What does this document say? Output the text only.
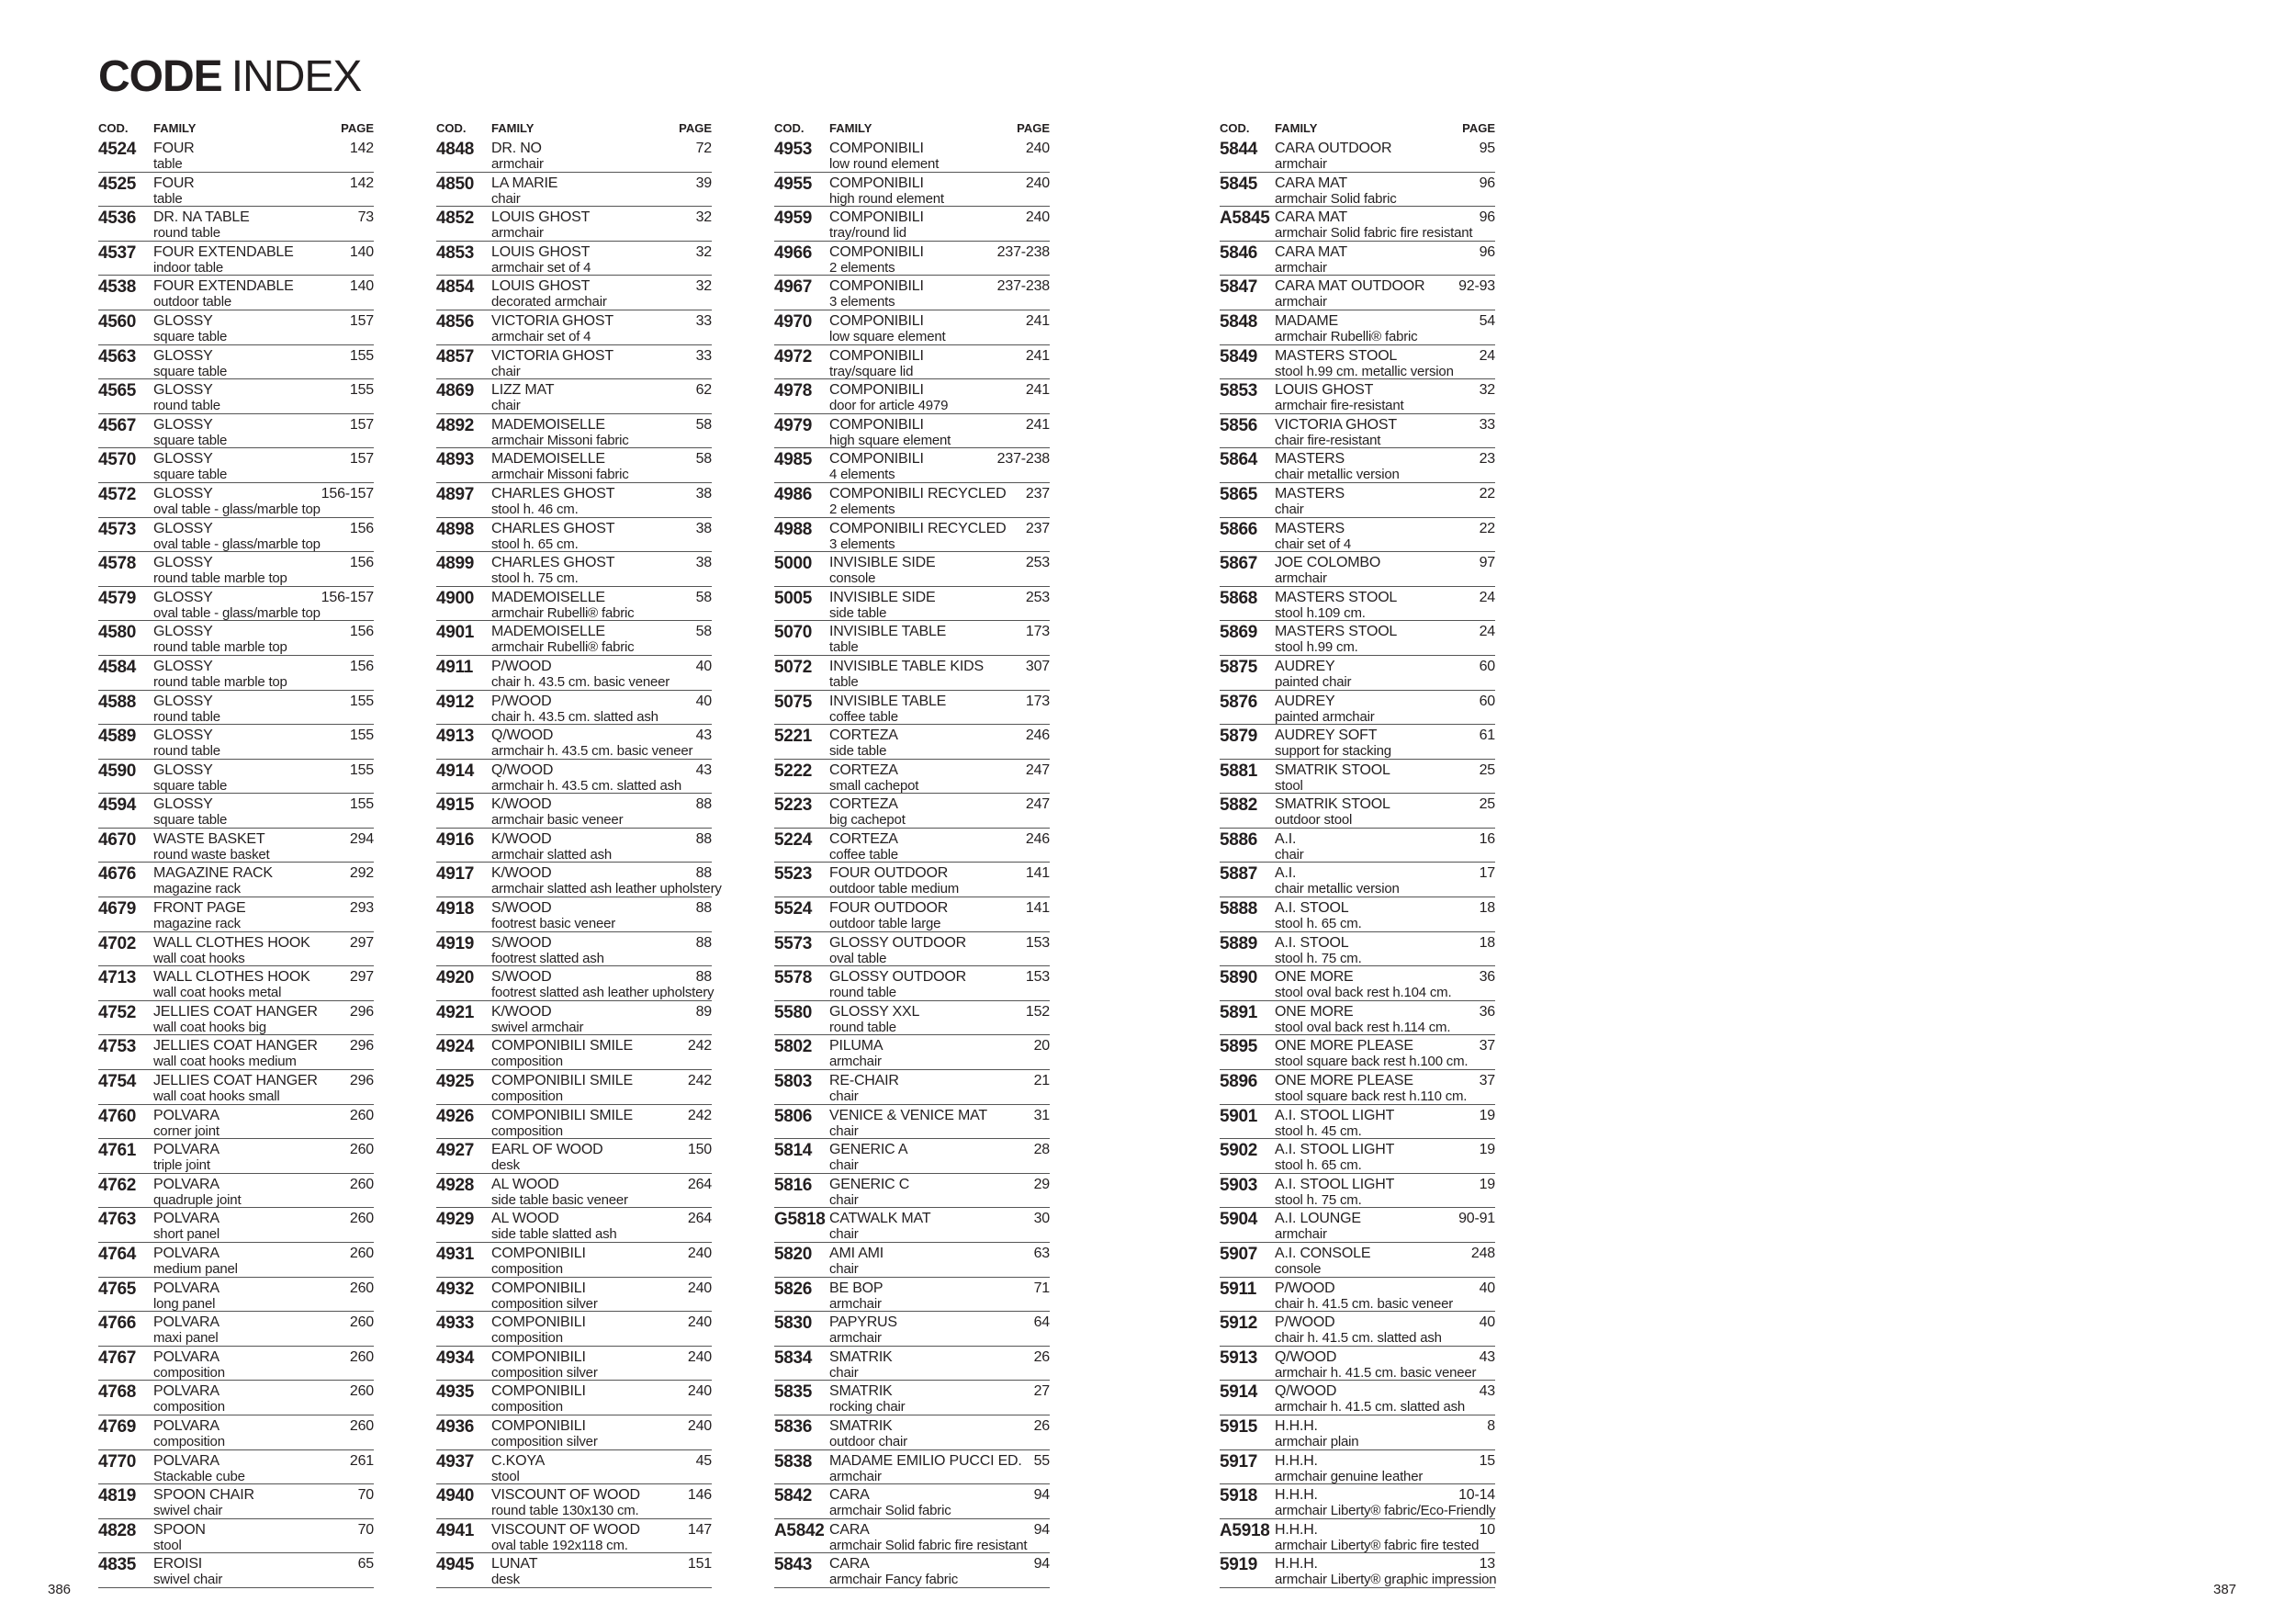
CODE INDEX
COD. FAMILY	PAGE
4524 FOUR
table
142
4525 FOUR
table
142
4536 DR. NA TABLE
round table
73
4537 FOUR EXTENDABLE
indoor table
140
4538 FOUR EXTENDABLE
outdoor table
140
4560 GLOSSY
square table
157
4563 GLOSSY
square table
155
4565 GLOSSY
round table
155
4567 GLOSSY
square table
157
4570 GLOSSY
square table
157
4572 GLOSSY
oval table - glass/marble top
156-157
4573 GLOSSY
oval table - glass/marble top
156
4578 GLOSSY
round table marble top
156
4579 GLOSSY
oval table - glass/marble top
156-157
4580 GLOSSY
round table marble top
156
4584 GLOSSY
round table marble top
156
4588 GLOSSY
round table
155
4589 GLOSSY
round table
155
4590 GLOSSY
square table
155
4594 GLOSSY
square table
155
4670 WASTE BASKET
round waste basket
294
4676 MAGAZINE RACK
magazine rack
292
4679 FRONT PAGE
magazine rack
293
4702 WALL CLOTHES HOOK
wall coat hooks
297
4713 WALL CLOTHES HOOK
wall coat hooks metal
297
4752 JELLIES COAT HANGER
wall coat hooks big
296
4753 JELLIES COAT HANGER
wall coat hooks medium
296
4754 JELLIES COAT HANGER
wall coat hooks small
296
4760 POLVARA
corner joint
260
4761 POLVARA
triple joint
260
4762 POLVARA
quadruple joint
260
4763 POLVARA
short panel
260
4764 POLVARA
medium panel
260
4765 POLVARA
long panel
260
4766 POLVARA
maxi panel
260
4767 POLVARA
composition
260
4768 POLVARA
composition
260
4769 POLVARA
composition
260
4770 POLVARA
Stackable cube
261
4819 SPOON CHAIR
swivel chair
70
4828 SPOON
stool
70
4835 EROISI
swivel chair
65
COD. FAMILY	PAGE
4848 DR. NO
armchair
72
4850 LA MARIE
chair
39
4852 LOUIS GHOST
armchair
32
4853 LOUIS GHOST
armchair set of 4
32
4854 LOUIS GHOST
decorated armchair
32
4856 VICTORIA GHOST
armchair set of 4
33
4857 VICTORIA GHOST
chair
33
4869 LIZZ MAT
chair
62
4892 MADEMOISELLE
armchair Missoni fabric
58
4893 MADEMOISELLE
armchair Missoni fabric
58
4897 CHARLES GHOST
stool h. 46 cm.
38
4898 CHARLES GHOST
stool h. 65 cm.
38
4899 CHARLES GHOST
stool h. 75 cm.
38
4900 MADEMOISELLE
armchair Rubelli® fabric
58
4901 MADEMOISELLE
armchair Rubelli® fabric
58
4911 P/WOOD
chair h. 43.5 cm. basic veneer
40
4912 P/WOOD
chair h. 43.5 cm. slatted ash
40
4913 Q/WOOD
armchair h. 43.5 cm. basic veneer
43
4914 Q/WOOD
armchair h. 43.5 cm. slatted ash
43
4915 K/WOOD
armchair basic veneer
88
4916 K/WOOD
armchair slatted ash
88
4917 K/WOOD
armchair slatted ash leather upholstery
88
4918 S/WOOD
footrest basic veneer
88
4919 S/WOOD
footrest slatted ash
88
4920 S/WOOD
footrest slatted ash leather upholstery
88
4921 K/WOOD
swivel armchair
89
4924 COMPONIBILI SMILE
composition
242
4925 COMPONIBILI SMILE
composition
242
4926 COMPONIBILI SMILE
composition
242
4927 EARL OF WOOD
desk
150
4928 AL WOOD
side table basic veneer
264
4929 AL WOOD
side table slatted ash
264
4931 COMPONIBILI
composition
240
4932 COMPONIBILI
composition silver
240
4933 COMPONIBILI
composition
240
4934 COMPONIBILI
composition silver
240
4935 COMPONIBILI
composition
240
4936 COMPONIBILI
composition silver
240
4937 C.KOYA
stool
45
4940 VISCOUNT OF WOOD
round table 130x130 cm.
146
4941 VISCOUNT OF WOOD
oval table 192x118 cm.
147
4945 LUNAT
desk
151
COD. FAMILY	PAGE
4953 COMPONIBILI
low round element
240
4955 COMPONIBILI
high round element
240
4959 COMPONIBILI
tray/round lid
240
4966 COMPONIBILI
2 elements
237-238
4967 COMPONIBILI
3 elements
237-238
4970 COMPONIBILI
low square element
241
4972 COMPONIBILI
tray/square lid
241
4978 COMPONIBILI
door for article 4979
241
4979 COMPONIBILI
high square element
241
4985 COMPONIBILI
4 elements
237-238
4986 COMPONIBILI RECYCLED
2 elements
237
4988 COMPONIBILI RECYCLED
3 elements
237
5000 INVISIBLE SIDE
console
253
5005 INVISIBLE SIDE
side table
253
5070 INVISIBLE TABLE
table
173
5072 INVISIBLE TABLE KIDS
table
307
5075 INVISIBLE TABLE
coffee table
173
5221 CORTEZA
side table
246
5222 CORTEZA
small cachepot
247
5223 CORTEZA
big cachepot
247
5224 CORTEZA
coffee table
246
5523 FOUR OUTDOOR
outdoor table medium
141
5524 FOUR OUTDOOR
outdoor table large
141
5573 GLOSSY OUTDOOR
oval table
153
5578 GLOSSY OUTDOOR
round table
153
5580 GLOSSY XXL
round table
152
5802 PILUMA
armchair
20
5803 RE-CHAIR
chair
21
5806 VENICE & VENICE MAT
chair
31
5814 GENERIC A
chair
28
5816 GENERIC C
chair
29
G5818 CATWALK MAT
chair
30
5820 AMI AMI
chair
63
5826 BE BOP
armchair
71
5830 PAPYRUS
armchair
64
5834 SMATRIK
chair
26
5835 SMATRIK
rocking chair
27
5836 SMATRIK
outdoor chair
26
5838 MADAME EMILIO PUCCI ED.
armchair
55
5842 CARA
armchair Solid fabric
94
A5842 CARA
armchair Solid fabric fire resistant
94
5843 CARA
armchair Fancy fabric
94
COD. FAMILY	PAGE
5844 CARA OUTDOOR
armchair
95
5845 CARA MAT
armchair Solid fabric
96
A5845 CARA MAT
armchair Solid fabric fire resistant
96
5846 CARA MAT
armchair
96
5847 CARA MAT OUTDOOR
armchair
92-93
5848 MADAME
armchair Rubelli® fabric
54
5849 MASTERS STOOL
stool h.99 cm. metallic version
24
5853 LOUIS GHOST
armchair fire-resistant
32
5856 VICTORIA GHOST
chair fire-resistant
33
5864 MASTERS
chair metallic version
23
5865 MASTERS
chair
22
5866 MASTERS
chair set of 4
22
5867 JOE COLOMBO
armchair
97
5868 MASTERS STOOL
stool h.109 cm.
24
5869 MASTERS STOOL
stool h.99 cm.
24
5875 AUDREY
painted chair
60
5876 AUDREY
painted armchair
60
5879 AUDREY SOFT
support for stacking
61
5881 SMATRIK STOOL
stool
25
5882 SMATRIK STOOL
outdoor stool
25
5886 A.I.
chair
16
5887 A.I.
chair metallic version
17
5888 A.I. STOOL
stool h. 65 cm.
18
5889 A.I. STOOL
stool h. 75 cm.
18
5890 ONE MORE
stool oval back rest h.104 cm.
36
5891 ONE MORE
stool oval back rest h.114 cm.
36
5895 ONE MORE PLEASE
stool square back rest h.100 cm.
37
5896 ONE MORE PLEASE
stool square back rest h.110 cm.
37
5901 A.I. STOOL LIGHT
stool h. 45 cm.
19
5902 A.I. STOOL LIGHT
stool h. 65 cm.
19
5903 A.I. STOOL LIGHT
stool h. 75 cm.
19
5904 A.I. LOUNGE
armchair
90-91
5907 A.I. CONSOLE
console
248
5911 P/WOOD
chair h. 41.5 cm. basic veneer
40
5912 P/WOOD
chair h. 41.5 cm. slatted ash
40
5913 Q/WOOD
armchair h. 41.5 cm. basic veneer
43
5914 Q/WOOD
armchair h. 41.5 cm. slatted ash
43
5915 H.H.H.
armchair plain
8
5917 H.H.H.
armchair genuine leather
15
5918 H.H.H.
armchair Liberty® fabric/Eco-Friendly
10-14
A5918 H.H.H.
armchair Liberty® fabric fire tested
10
5919 H.H.H.
armchair Liberty® graphic impression
13
386	387
